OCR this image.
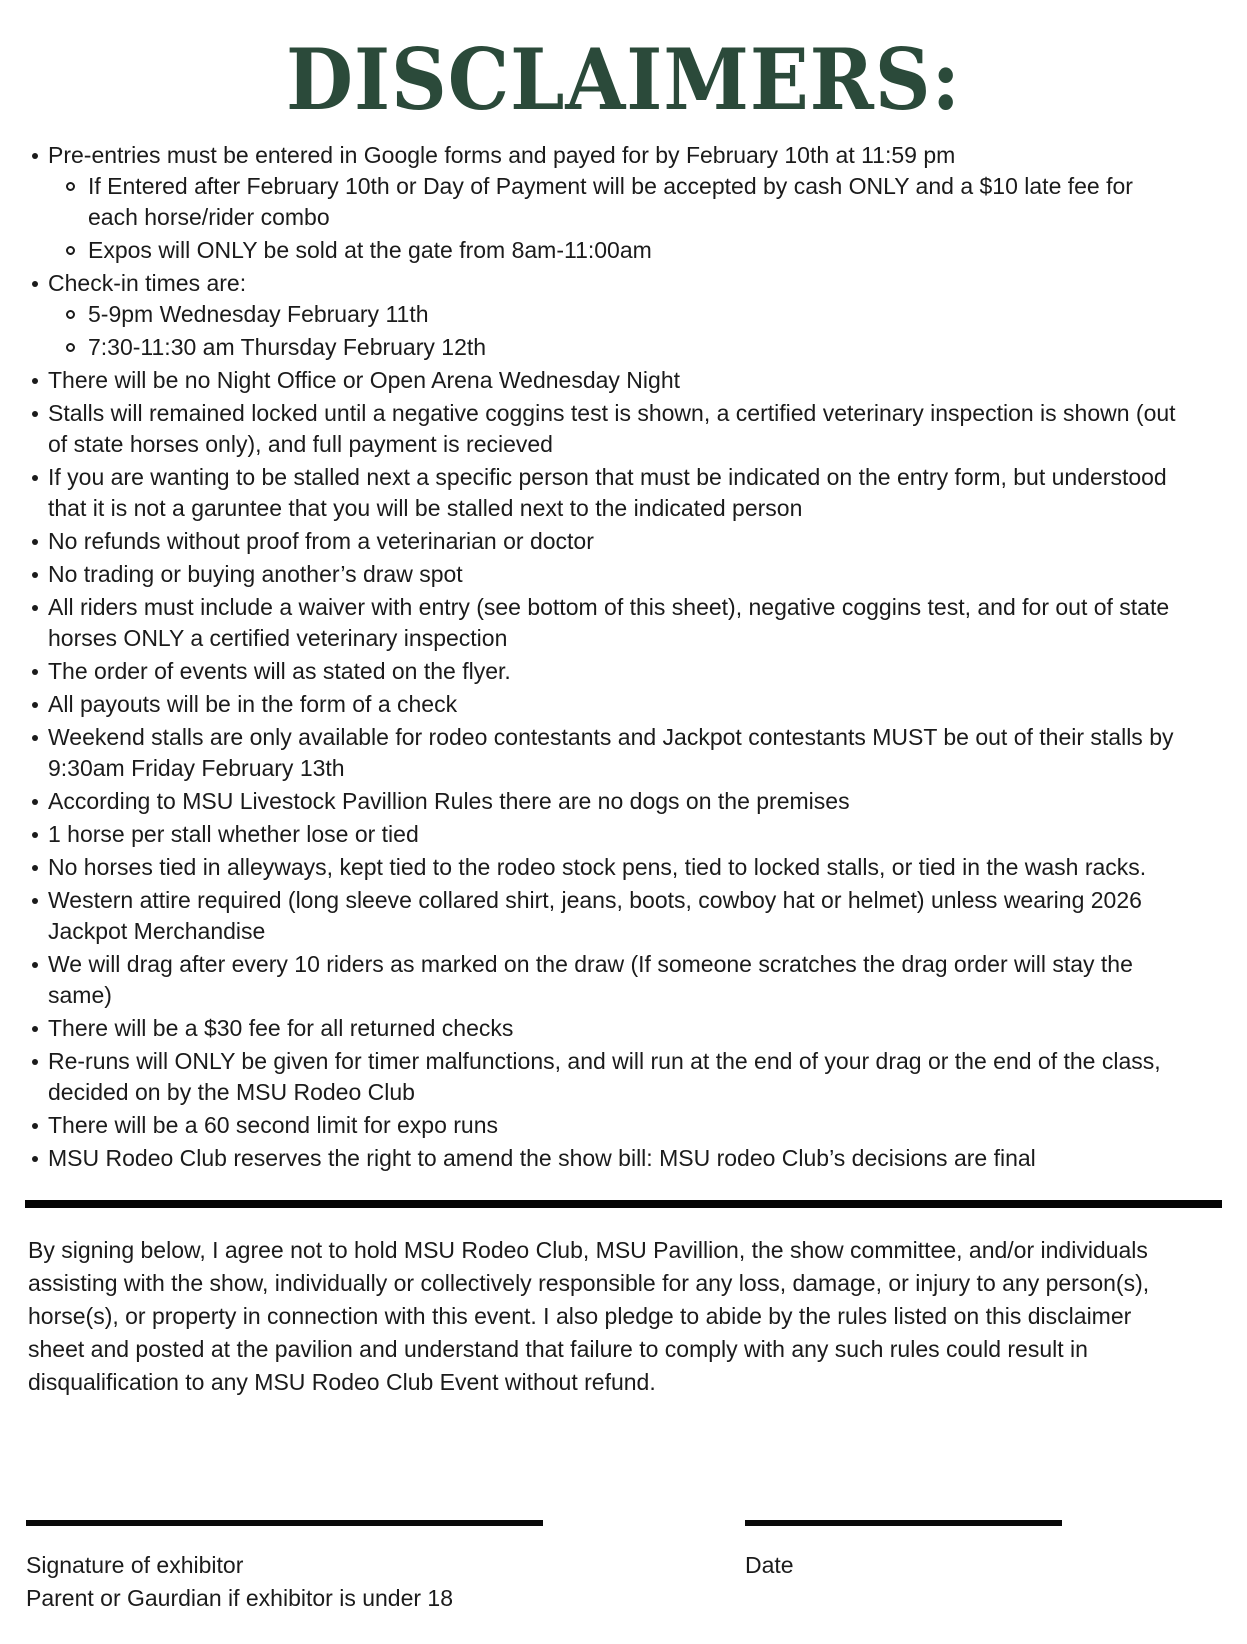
DISCLAIMERS:
Pre-entries must be entered in Google forms and payed for by February 10th at 11:59 pm
If Entered after February 10th or Day of Payment will be accepted by cash ONLY and a $10 late fee for each horse/rider combo
Expos will ONLY be sold at the gate from 8am-11:00am
Check-in times are:
5-9pm Wednesday February 11th
7:30-11:30 am Thursday February 12th
There will be no Night Office or Open Arena Wednesday Night
Stalls will remained locked until a negative coggins test is shown, a certified veterinary inspection is shown (out of state horses only), and full payment is recieved
If you are wanting to be stalled next a specific person that must be indicated on the entry form, but understood that it is not a garuntee that you will be stalled next to the indicated person
No refunds without proof from a veterinarian or doctor
No trading or buying another’s draw spot
All riders must include a waiver with entry (see bottom of this sheet), negative coggins test, and for out of state horses ONLY a certified veterinary inspection
The order of events will as stated on the flyer.
All payouts will be in the form of a check
Weekend stalls are only available for rodeo contestants and Jackpot contestants MUST be out of their stalls by 9:30am Friday February 13th
According to MSU Livestock Pavillion Rules there are no dogs on the premises
1 horse per stall whether lose or tied
No horses tied in alleyways, kept tied to the rodeo stock pens, tied to locked stalls, or tied in the wash racks.
Western attire required (long sleeve collared shirt, jeans, boots, cowboy hat or helmet) unless wearing 2026 Jackpot Merchandise
We will drag after every 10 riders as marked on the draw (If someone scratches the drag order will stay the same)
There will be a $30 fee for all returned checks
Re-runs will ONLY be given for timer malfunctions, and will run at the end of your drag or the end of the class, decided on by the MSU Rodeo Club
There will be a 60 second limit for expo runs
MSU Rodeo Club reserves the right to amend the show bill: MSU rodeo Club’s decisions are final

By signing below, I agree not to hold MSU Rodeo Club, MSU Pavillion, the show committee, and/or individuals assisting with the show, individually or collectively responsible for any loss, damage, or injury to any person(s), horse(s), or property in connection with this event. I also pledge to abide by the rules listed on this disclaimer sheet and posted at the pavilion and understand that failure to comply with any such rules could result in disqualification to any MSU Rodeo Club Event without refund.

Signature of exhibitor
Parent or Gaurdian if exhibitor is under 18
Date
